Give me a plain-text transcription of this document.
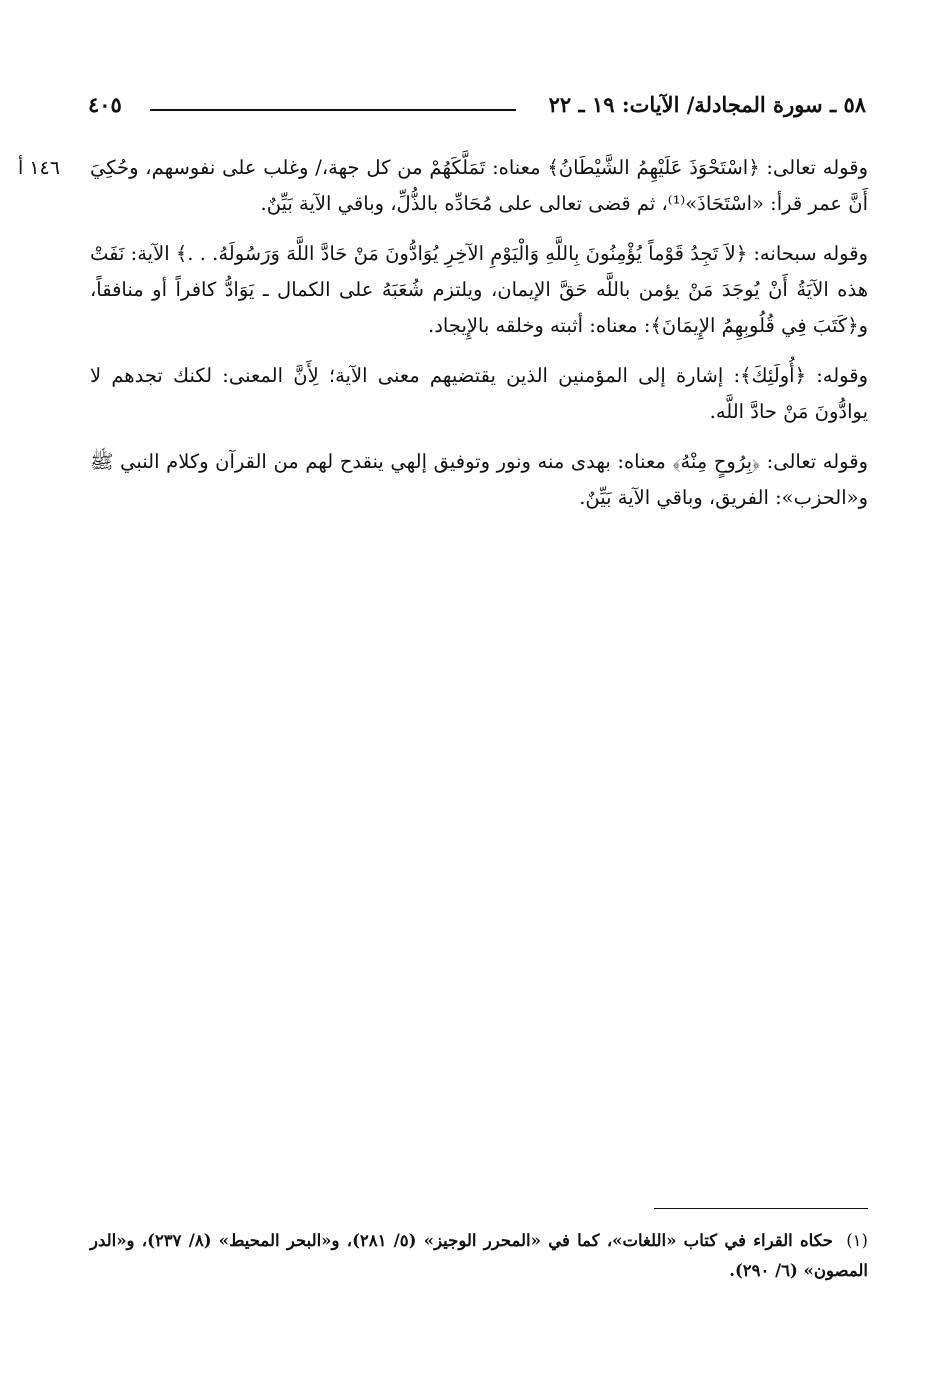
٥٨ ـ سورة المجادلة/ الآيات: ١٩ ـ ٢٢
٤٠٥
١٤٦ أ وقوله تعالى: ﴿اسْتَحْوَذَ عَلَيْهِمُ الشَّيْطَانُ﴾ معناه: تَمَلَّكَهُمْ من كل جهة،/ وغلب على نفوسهم، وحُكِيَ أَنَّ عمر قرأ: «اسْتَحَاذَ»⁽¹⁾، ثم قضى تعالى على مُحَادِّه بالذُّلِّ، وباقي الآية بَيِّنٌ.

وقوله سبحانه: ﴿لاَ تَجِدُ قَوْماً يُؤْمِنُونَ بِاللَّهِ وَالْيَوْمِ الآخِرِ يُوَادُّونَ مَنْ حَادَّ اللَّهَ وَرَسُولَهُ. . .﴾ الآية: نَفَتْ هذه الآيَةُ أَنْ يُوجَدَ مَنْ يؤمن باللَّه حَقَّ الإيمان، ويلتزم شُعَبَهُ على الكمال ـ يَوَادُّ كافراً أو منافقاً، و﴿كَتَبَ فِي قُلُوبِهِمُ الإِيمَانَ﴾: معناه: أثبته وخلقه بالإِيجاد.

وقوله: ﴿أُولَئِكَ﴾: إشارة إلى المؤمنين الذين يقتضيهم معنى الآية؛ لِأَنَّ المعنى: لكنك تجدهم لا يوادُّونَ مَنْ حادَّ اللَّه.

وقوله تعالى: ﴿بِرُوحٍ مِنْهُ﴾ معناه: بهدى منه ونور وتوفيق إلهي ينقدح لهم من القرآن وكلام النبي ﷺ و«الحزب»: الفريق، وباقي الآية بَيِّنٌ.

(١) حكاه القراء في كتاب «اللغات»، كما في «المحرر الوجيز» (٥/ ٢٨١)، و«البحر المحيط» (٨/ ٢٣٧)، و«الدر المصون» (٦/ ٢٩٠).
